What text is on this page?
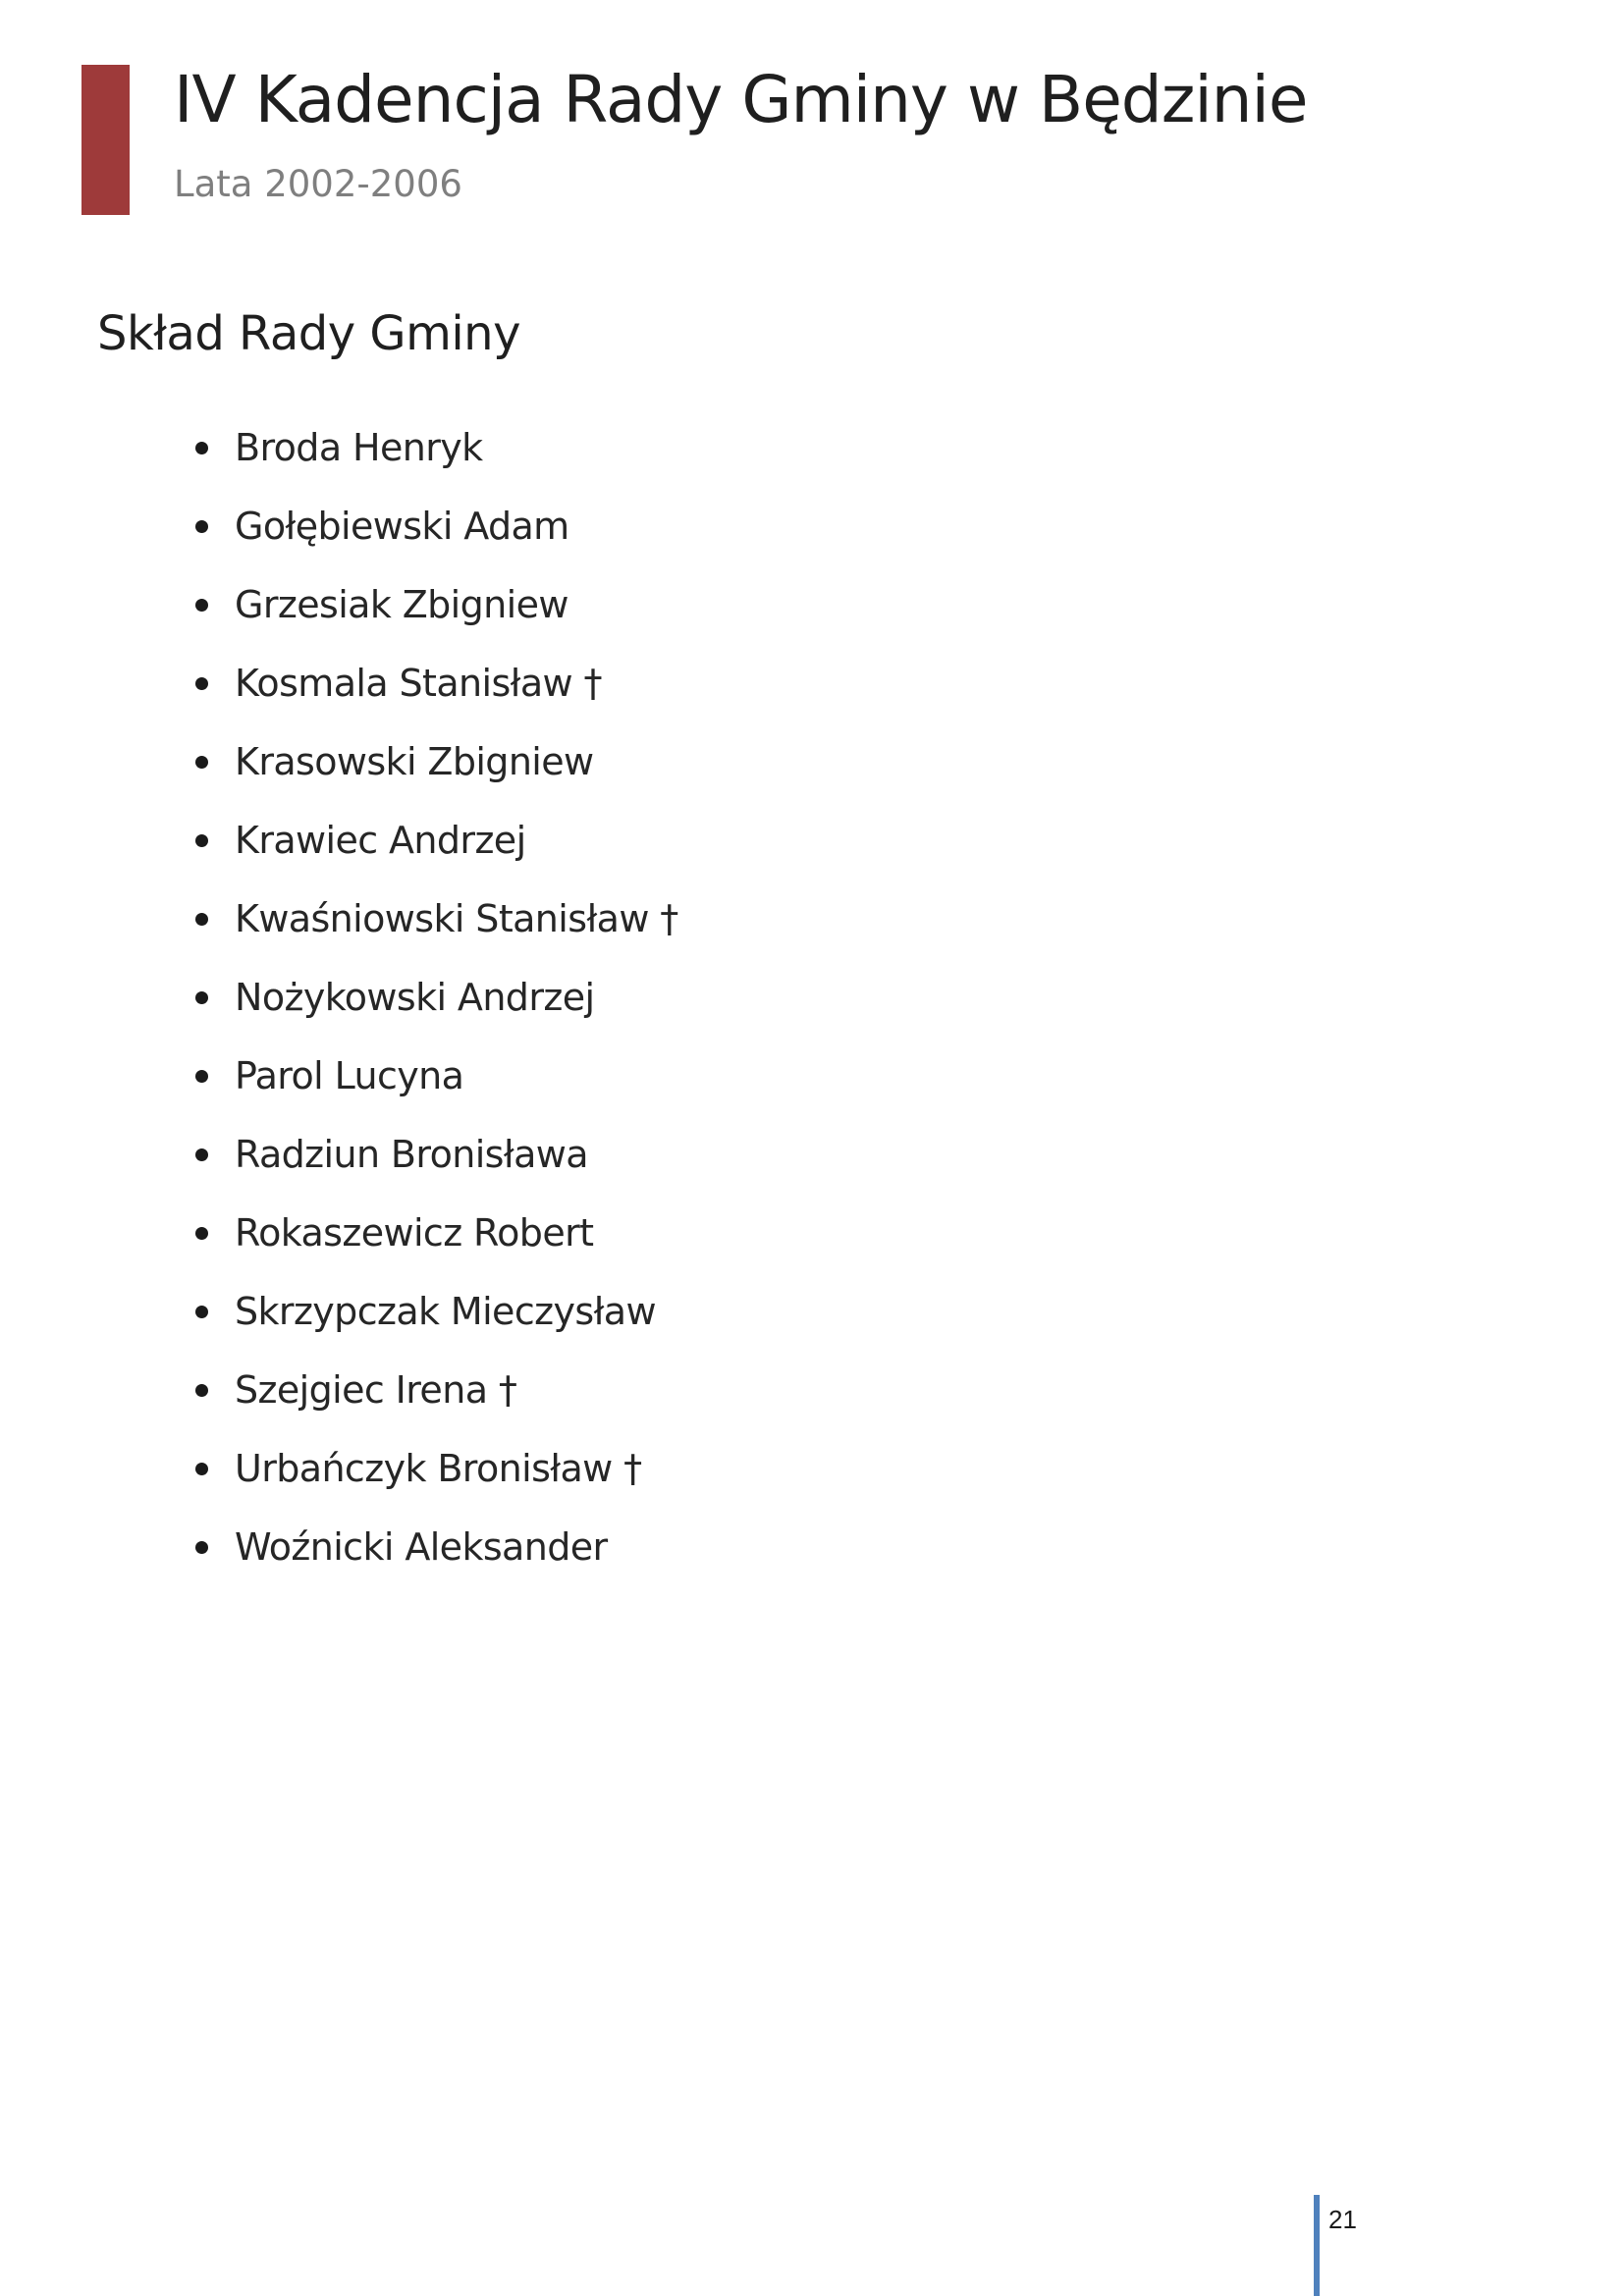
IV Kadencja Rady Gminy w Będzinie
Lata 2002-2006
Skład Rady Gminy
Broda Henryk
Gołębiewski Adam
Grzesiak Zbigniew
Kosmala Stanisław †
Krasowski Zbigniew
Krawiec Andrzej
Kwaśniowski Stanisław †
Nożykowski Andrzej
Parol Lucyna
Radziun Bronisława
Rokaszewicz Robert
Skrzypczak Mieczysław
Szejgiec Irena †
Urbańczyk Bronisław †
Woźnicki Aleksander
21
